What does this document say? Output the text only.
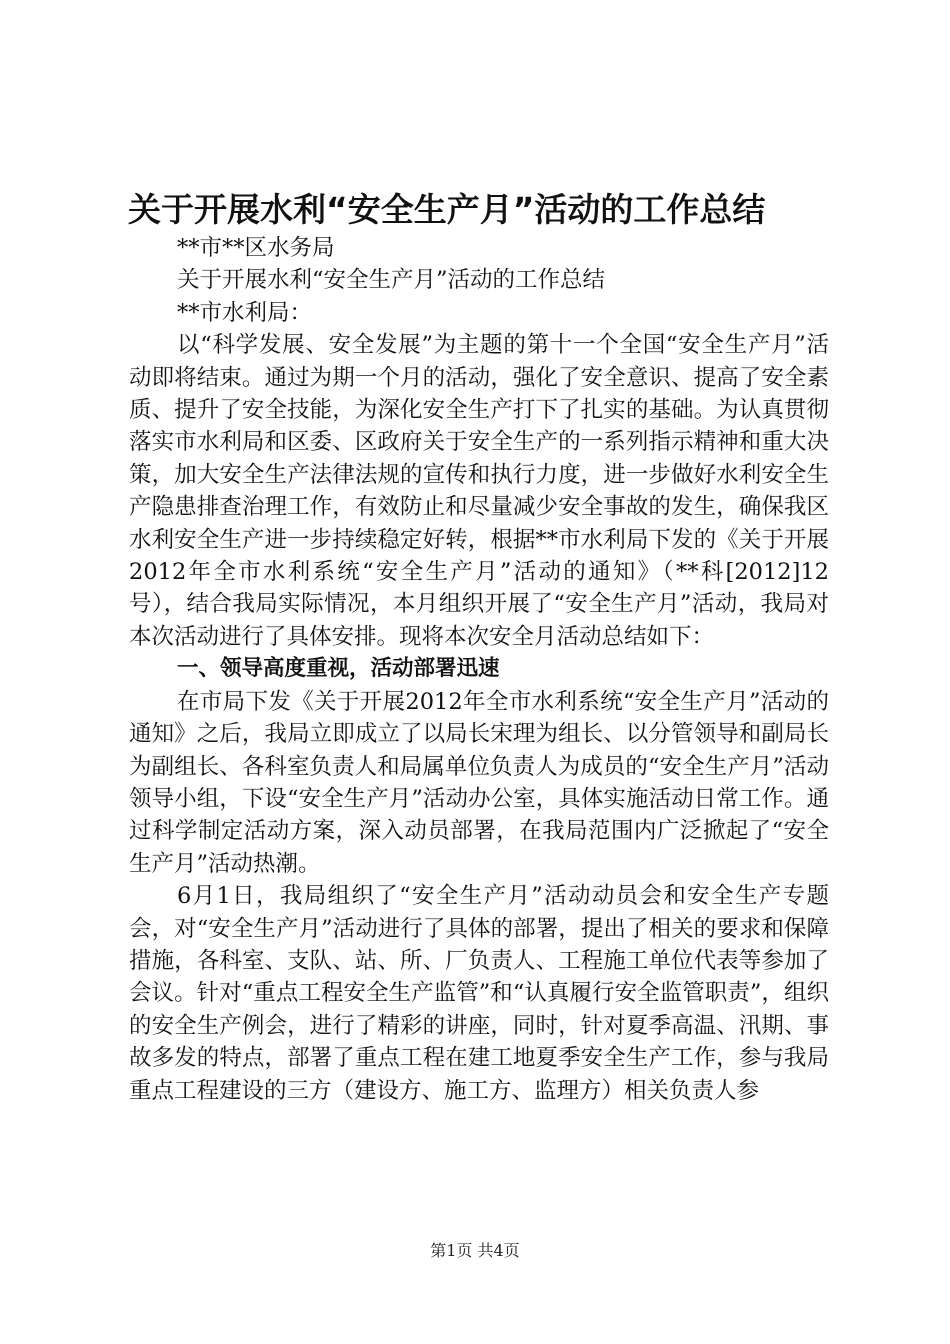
关于开展水利“安全生产月”活动的工作总结

**市**区水务局

关于开展水利“安全生产月”活动的工作总结

**市水利局：

以“科学发展、安全发展”为主题的第十一个全国“安全生产月”活动即将结束。通过为期一个月的活动，强化了安全意识、提高了安全素质、提升了安全技能，为深化安全生产打下了扎实的基础。为认真贯彻落实市水利局和区委、区政府关于安全生产的一系列指示精神和重大决策，加大安全生产法律法规的宣传和执行力度，进一步做好水利安全生产隐患排查治理工作，有效防止和尽量减少安全事故的发生，确保我区水利安全生产进一步持续稳定好转，根据**市水利局下发的《关于开展2012年全市水利系统“安全生产月”活动的通知》（**科[2012]12号），结合我局实际情况，本月组织开展了“安全生产月”活动，我局对本次活动进行了具体安排。现将本次安全月活动总结如下：

一、领导高度重视，活动部署迅速

在市局下发《关于开展2012年全市水利系统“安全生产月”活动的通知》之后，我局立即成立了以局长宋理为组长、以分管领导和副局长为副组长、各科室负责人和局属单位负责人为成员的“安全生产月”活动领导小组，下设“安全生产月”活动办公室，具体实施活动日常工作。通过科学制定活动方案，深入动员部署，在我局范围内广泛掀起了“安全生产月”活动热潮。

6月1日，我局组织了“安全生产月”活动动员会和安全生产专题会，对“安全生产月”活动进行了具体的部署，提出了相关的要求和保障措施，各科室、支队、站、所、厂负责人、工程施工单位代表等参加了会议。针对“重点工程安全生产监管”和“认真履行安全监管职责”，组织的安全生产例会，进行了精彩的讲座，同时，针对夏季高温、汛期、事故多发的特点，部署了重点工程在建工地夏季安全生产工作，参与我局重点工程建设的三方（建设方、施工方、监理方）相关负责人参

第1页 共4页
